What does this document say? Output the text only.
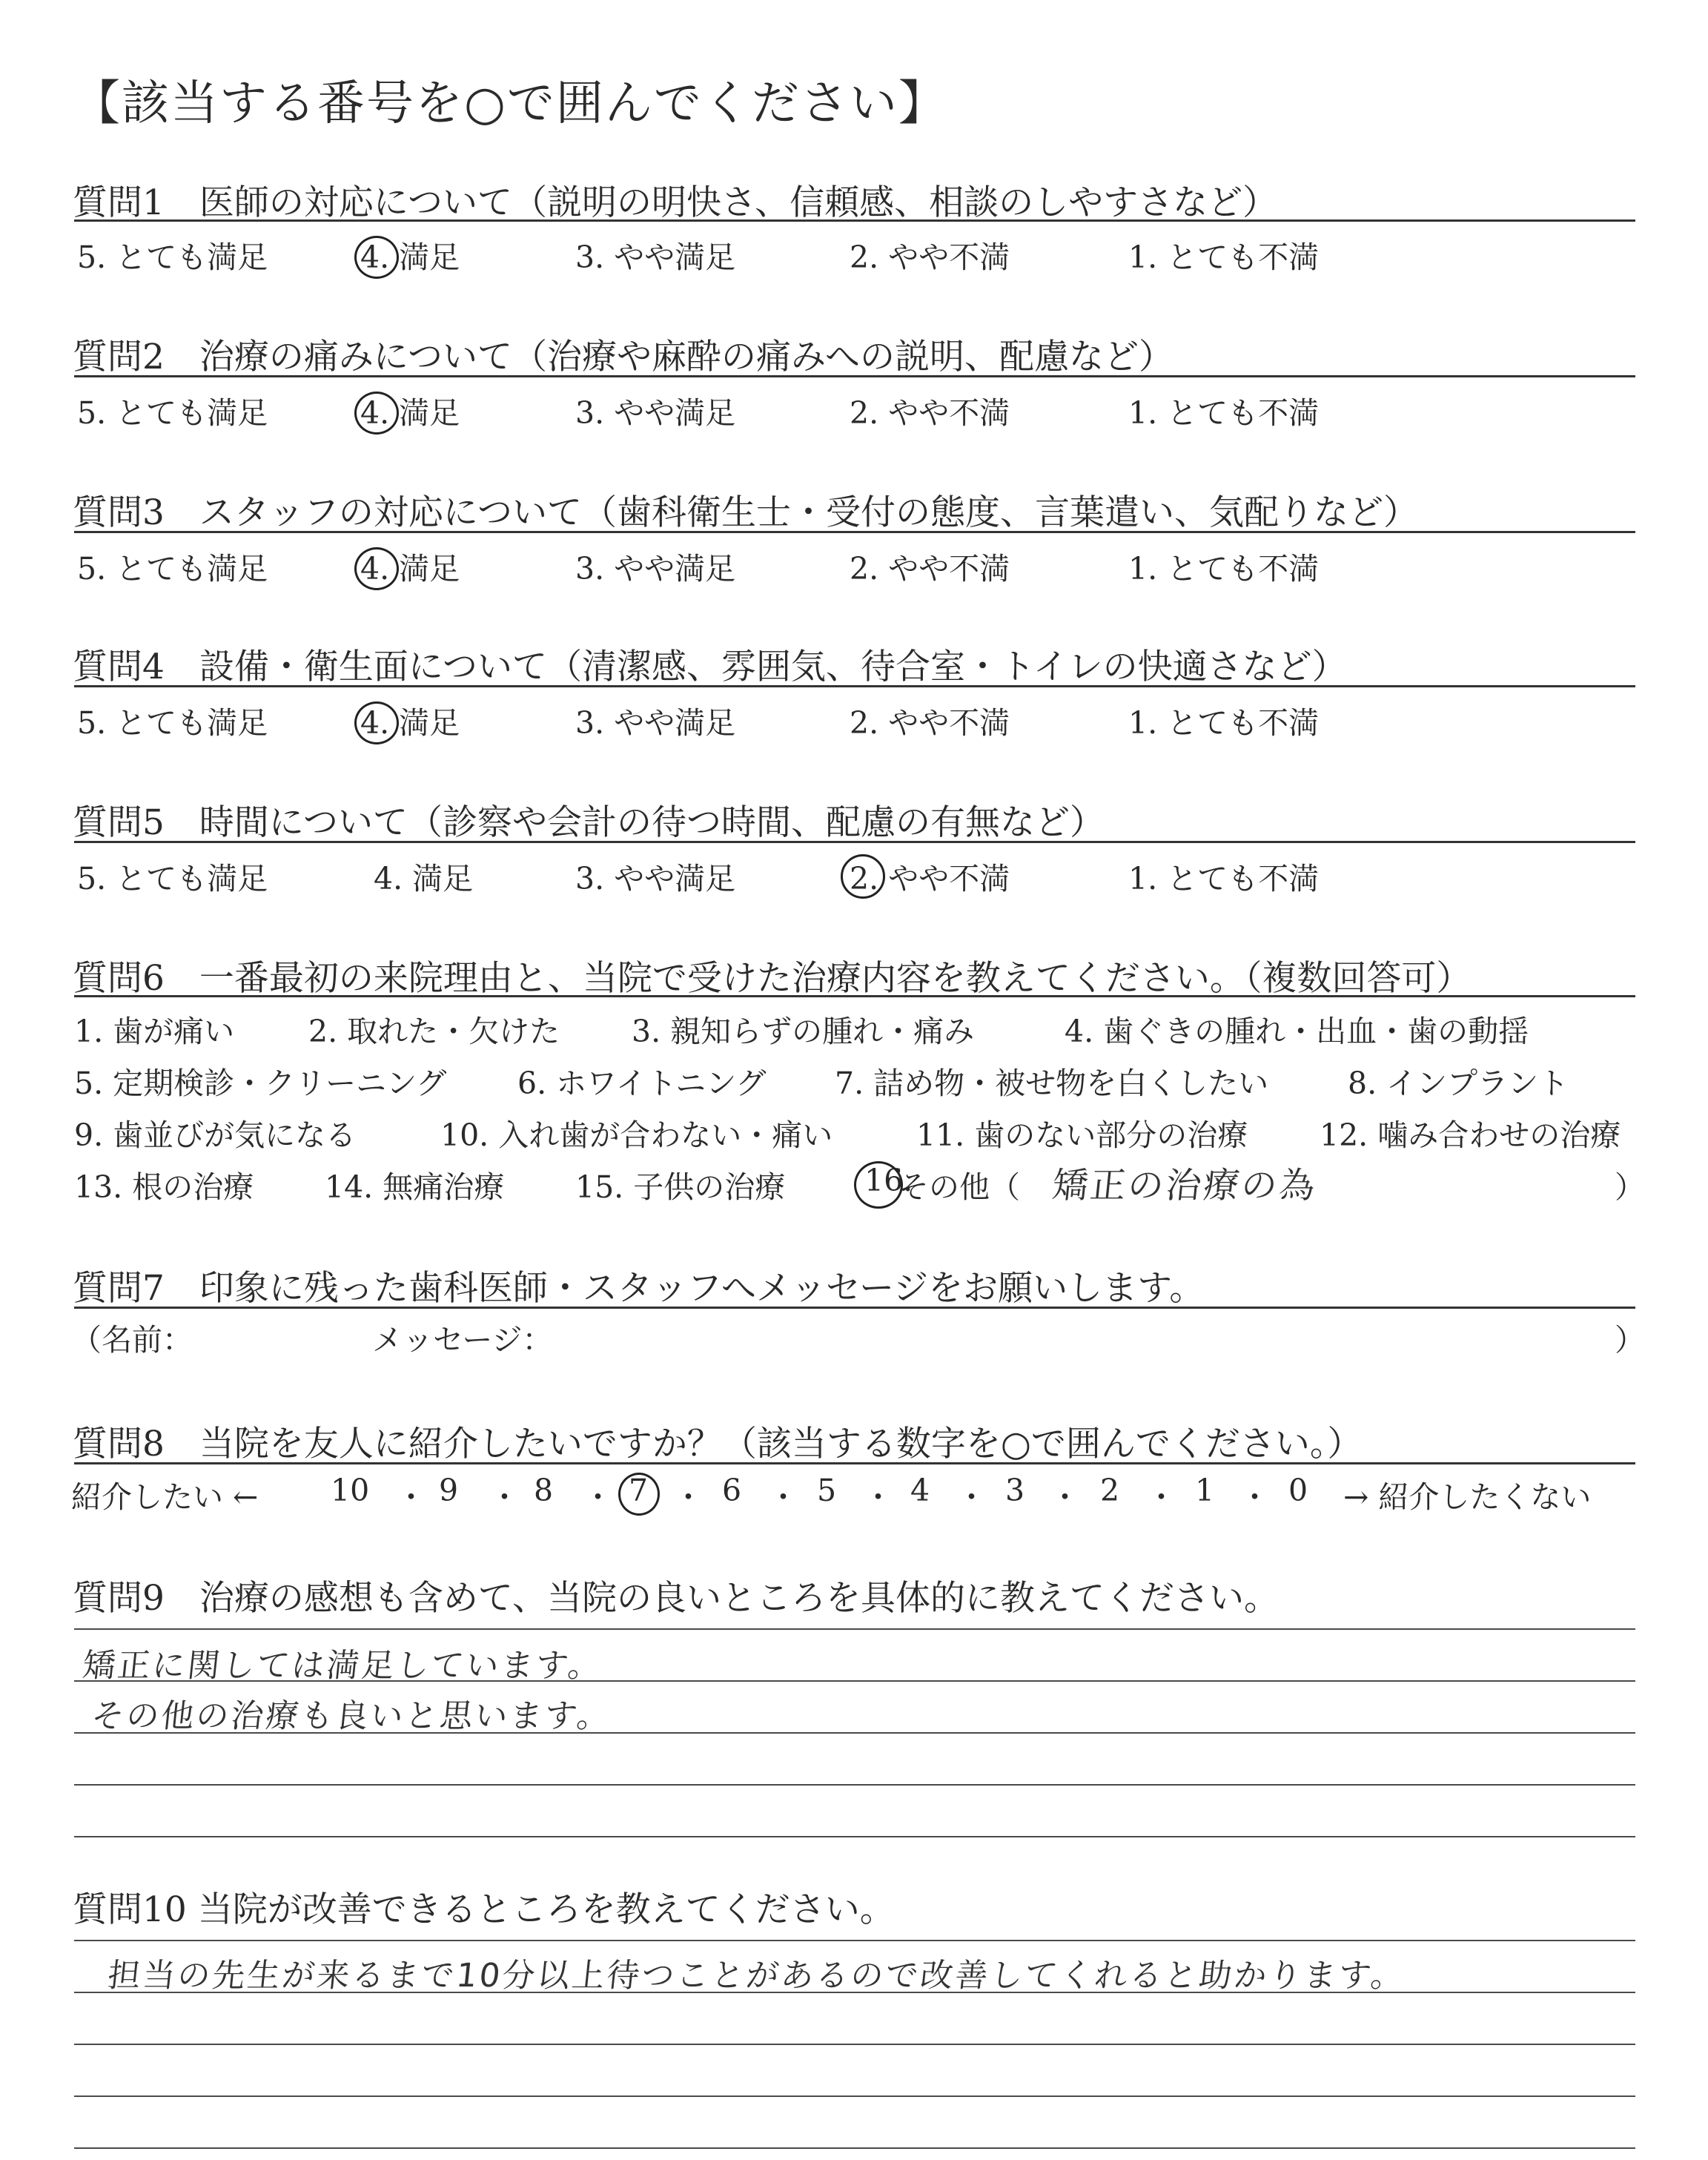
【該当する番号を○で囲んでください】
質問1　医師の対応について（説明の明快さ、信頼感、相談のしやすさなど）
5. とても満足	4. 満足	3. やや満足	2. やや不満	1. とても不満
質問2　治療の痛みについて（治療や麻酔の痛みへの説明、配慮など）
5. とても満足	4. 満足	3. やや満足	2. やや不満	1. とても不満
質問3　スタッフの対応について（歯科衛生士・受付の態度、言葉遣い、気配りなど）
5. とても満足	4. 満足	3. やや満足	2. やや不満	1. とても不満
質問4　設備・衛生面について（清潔感、雰囲気、待合室・トイレの快適さなど）
5. とても満足	4. 満足	3. やや満足	2. やや不満	1. とても不満
質問5　時間について（診察や会計の待つ時間、配慮の有無など）
5. とても満足	4. 満足	3. やや満足	2. やや不満	1. とても不満
質問6　一番最初の来院理由と、当院で受けた治療内容を教えてください。（複数回答可）
1. 歯が痛い 2. 取れた・欠けた 3. 親知らずの腫れ・痛み	4. 歯ぐきの腫れ・出血・歯の動揺
5. 定期検診・クリーニング 6. ホワイトニング 7. 詰め物・被せ物を白くしたい	8. インプラント
9. 歯並びが気になる	10. 入れ歯が合わない・痛い	11. 歯のない部分の治療 12. 噛み合わせの治療
13. 根の治療 14. 無痛治療 15. 子供の治療	16.
その他（ 矯正の治療の為	）
質問7　印象に残った歯科医師・スタッフへメッセージをお願いします。
（名前：	メッセージ：	）
質問8　当院を友人に紹介したいですか？（該当する数字を○で囲んでください。）
紹介したい ← 10 ・ 9 ・ 8 ・ 7 ・ 6 ・ 5 ・ 4 ・ 3 ・ 2 ・ 1 ・ 0 → 紹介したくない
質問9　治療の感想も含めて、当院の良いところを具体的に教えてください。
矯正に関しては満足しています。
その他の治療も良いと思います。
質問10 当院が改善できるところを教えてください。
担当の先生が来るまで10分以上待つことがあるので改善してくれると助かります。
